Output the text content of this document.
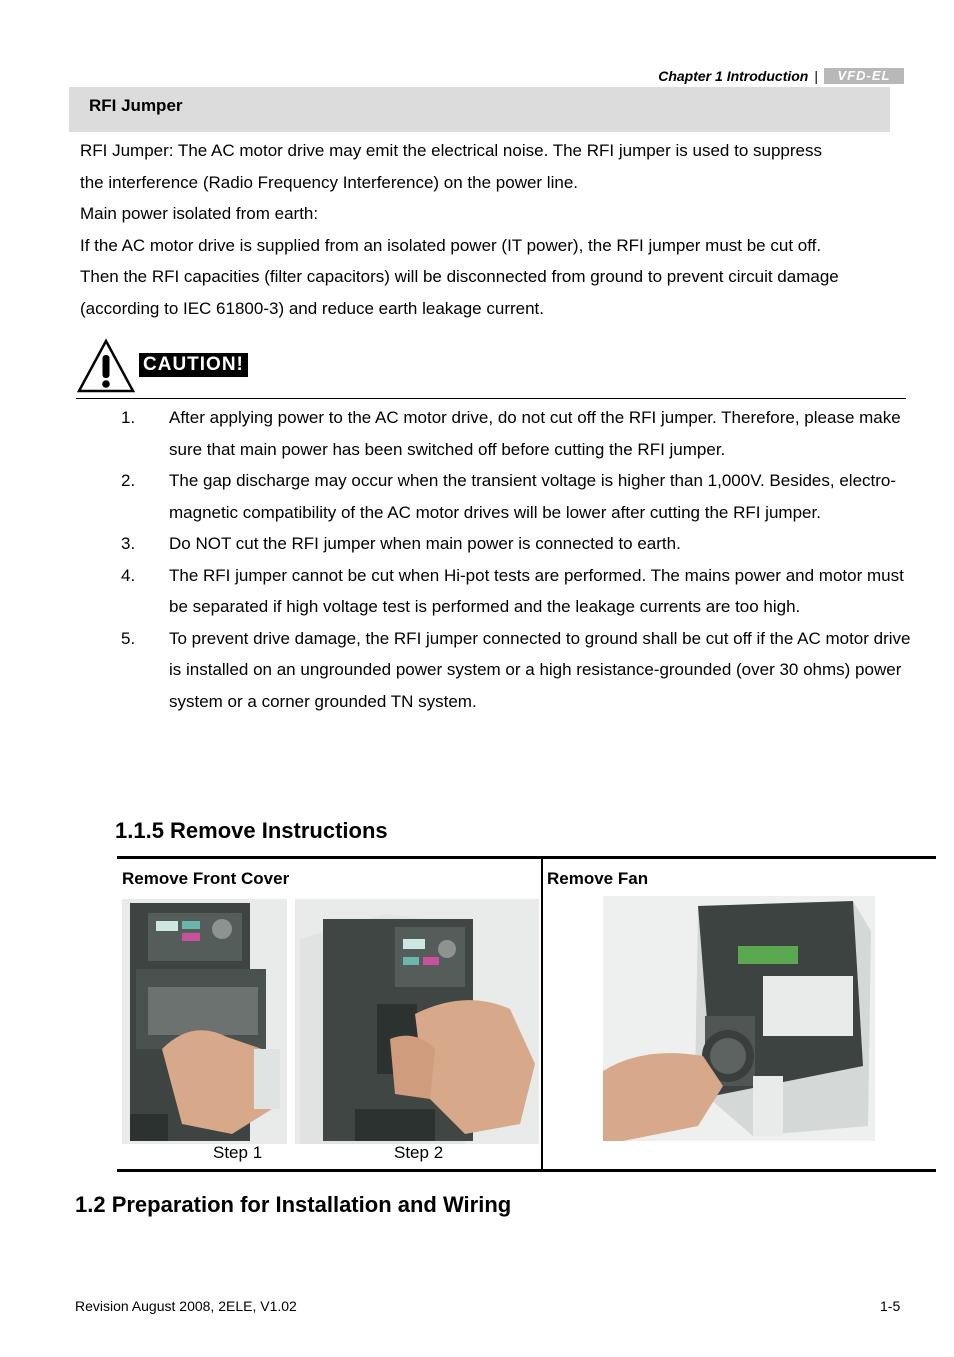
Chapter 1 Introduction |	VFD-EL
RFI Jumper
RFI Jumper: The AC motor drive may emit the electrical noise. The RFI jumper is used to suppress
the interference (Radio Frequency Interference) on the power line.
Main power isolated from earth:
If the AC motor drive is supplied from an isolated power (IT power), the RFI jumper must be cut off.
Then the RFI capacities (filter capacitors) will be disconnected from ground to prevent circuit damage
(according to IEC 61800-3) and reduce earth leakage current.
CAUTION!
1.	After applying power to the AC motor drive, do not cut off the RFI jumper. Therefore, please make sure that main power has been switched off before cutting the RFI jumper.
2.	The gap discharge may occur when the transient voltage is higher than 1,000V. Besides, electro-magnetic compatibility of the AC motor drives will be lower after cutting the RFI jumper.
3.	Do NOT cut the RFI jumper when main power is connected to earth.
4.	The RFI jumper cannot be cut when Hi-pot tests are performed. The mains power and motor must be separated if high voltage test is performed and the leakage currents are too high.
5.	To prevent drive damage, the RFI jumper connected to ground shall be cut off if the AC motor drive is installed on an ungrounded power system or a high resistance-grounded (over 30 ohms) power system or a corner grounded TN system.
1.1.5 Remove Instructions
Remove Front Cover	Remove Fan
Step 1	Step 2
1.2 Preparation for Installation and Wiring
Revision August 2008, 2ELE, V1.02	1-5
